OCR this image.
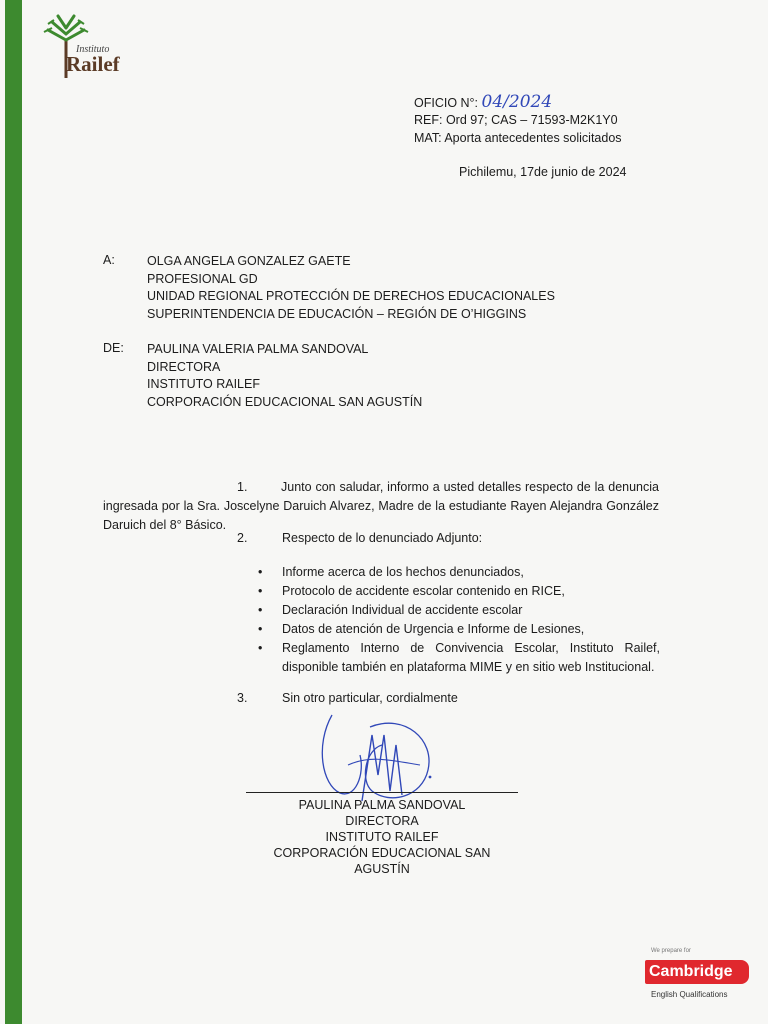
Instituto
Railef
OFICIO N°: 04/2024
REF: Ord 97; CAS – 71593-M2K1Y0
MAT: Aporta antecedentes solicitados
Pichilemu, 17de junio de 2024
A:	OLGA ANGELA GONZALEZ GAETE
PROFESIONAL GD
UNIDAD REGIONAL PROTECCIÓN DE DERECHOS EDUCACIONALES
SUPERINTENDENCIA DE EDUCACIÓN – REGIÓN DE O’HIGGINS
DE: PAULINA VALERIA PALMA SANDOVAL
DIRECTORA
INSTITUTO RAILEF
CORPORACIÓN EDUCACIONAL SAN AGUSTÍN
1.	Junto con saludar, informo a usted detalles respecto de la denuncia ingresada por la Sra. Joscelyne Daruich Alvarez, Madre de la estudiante Rayen Alejandra González Daruich del 8° Básico.
2.	Respecto de lo denunciado Adjunto:
• Informe acerca de los hechos denunciados,
• Protocolo de accidente escolar contenido en RICE,
• Declaración Individual de accidente escolar
• Datos de atención de Urgencia e Informe de Lesiones,
• Reglamento Interno de Convivencia Escolar, Instituto Railef, disponible también en plataforma MIME y en sitio web Institucional.
3.	Sin otro particular, cordialmente
PAULINA PALMA SANDOVAL
DIRECTORA
INSTITUTO RAILEF
CORPORACIÓN EDUCACIONAL SAN AGUSTÍN
We prepare for
Cambridge
English Qualifications
